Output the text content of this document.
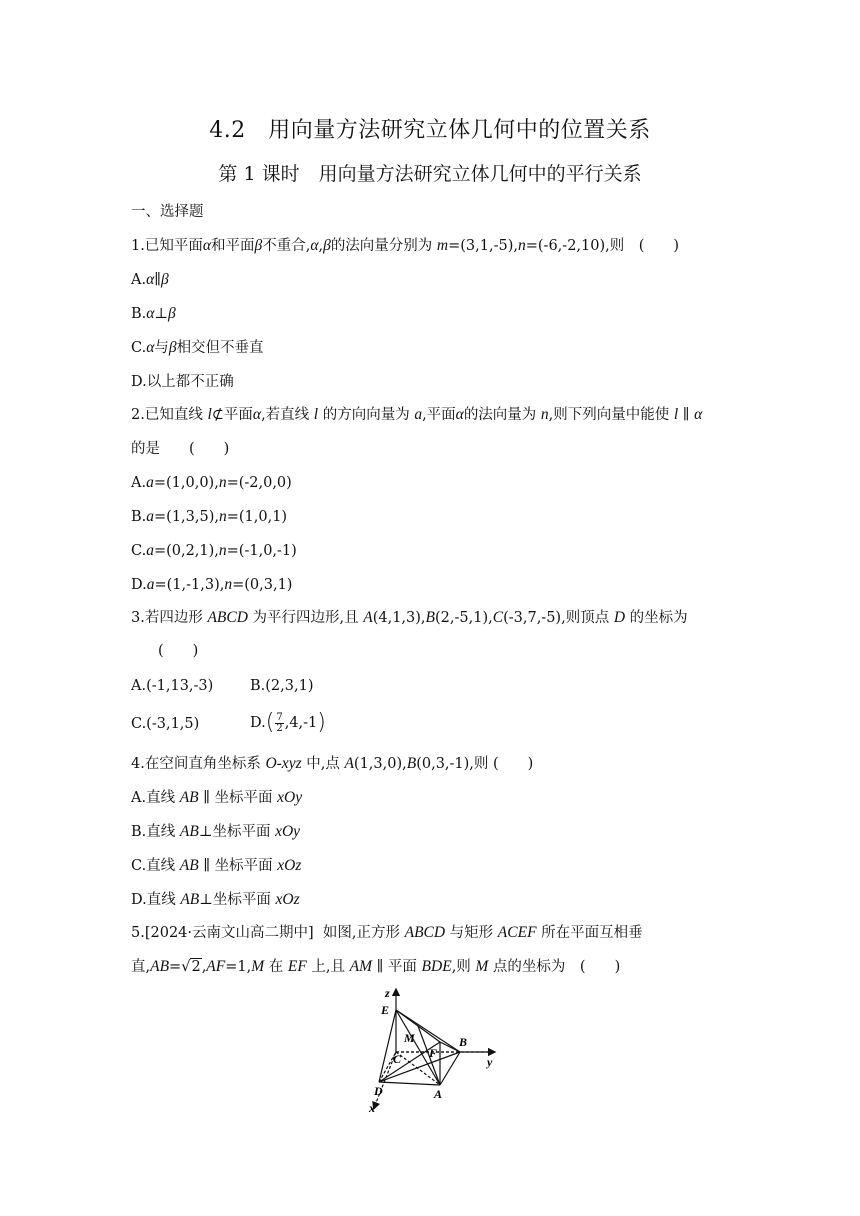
4.2　用向量方法研究立体几何中的位置关系
第 1 课时　用向量方法研究立体几何中的平行关系
一、选择题
1.已知平面α和平面β不重合,α,β的法向量分别为 m=(3,1,-5),n=(-6,-2,10),则　(　　)
A.α∥β
B.α⊥β
C.α与β相交但不垂直
D.以上都不正确
2.已知直线 l⊄平面α,若直线 l 的方向向量为 a,平面α的法向量为 n,则下列向量中能使 l ∥ α
的是　　(　　)
A.a=(1,0,0),n=(-2,0,0)
B.a=(1,3,5),n=(1,0,1)
C.a=(0,2,1),n=(-1,0,-1)
D.a=(1,-1,3),n=(0,3,1)
3.若四边形 ABCD 为平行四边形,且 A(4,1,3),B(2,-5,1),C(-3,7,-5),则顶点 D 的坐标为
(　　)
A.(-1,13,-3)	B.(2,3,1)
C.(-3,1,5)	$D.( \frac{7}{2} ,4,-1)$
4.在空间直角坐标系 O-xyz 中,点 A(1,3,0),B(0,3,-1),则 (　　)
A.直线 AB ∥ 坐标平面 xOy
B.直线 AB⊥坐标平面 xOy
C.直线 AB ∥ 坐标平面 xOz
D.直线 AB⊥坐标平面 xOz
5.[2024·云南文山高二期中]  如图,正方形 ABCD 与矩形 ACEF 所在平面互相垂
直,AB=√2,AF=1,M 在 EF 上,且 AM ∥ 平面 BDE,则 M 点的坐标为　(　　)
z
y
x
E
M	B
C F
D	A
